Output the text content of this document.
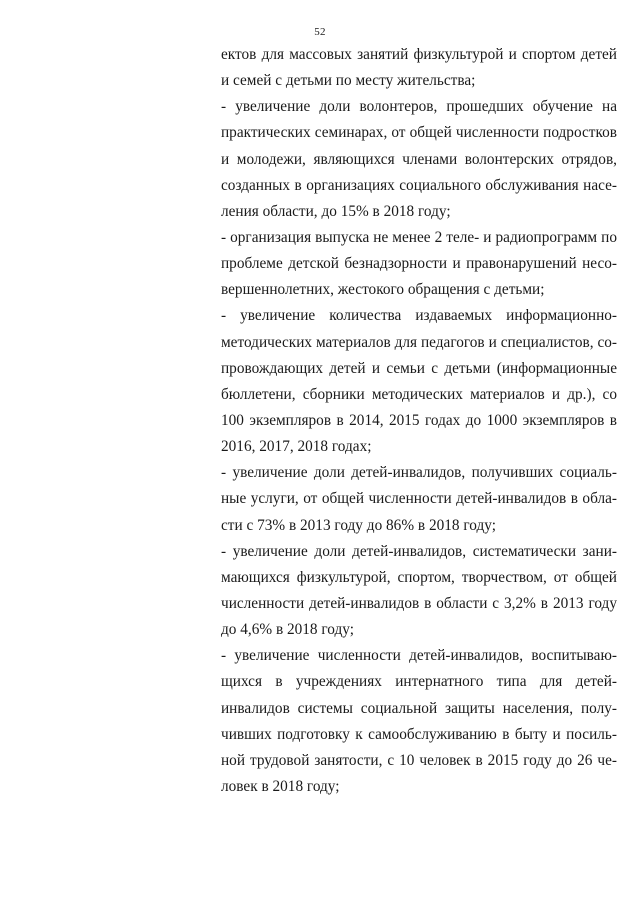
52
ектов для массовых занятий физкультурой и спортом детей
и семей с детьми по месту жительства;
- увеличение доли волонтеров, прошедших обучение на
практических семинарах, от общей численности подростков
и молодежи, являющихся членами волонтерских отрядов,
созданных в организациях социального обслуживания насе-
ления области, до 15% в 2018 году;
- организация выпуска не менее 2 теле- и радиопрограмм по
проблеме детской безнадзорности и правонарушений несо-
вершеннолетних, жестокого обращения с детьми;
- увеличение количества издаваемых информационно-
методических материалов для педагогов и специалистов, со-
провождающих детей и семьи с детьми (информационные
бюллетени, сборники методических материалов и др.), со
100 экземпляров в 2014, 2015 годах до 1000 экземпляров в
2016, 2017, 2018 годах;
- увеличение доли детей-инвалидов, получивших социаль-
ные услуги, от общей численности детей-инвалидов в обла-
сти с 73% в 2013 году до 86% в 2018 году;
- увеличение доли детей-инвалидов, систематически зани-
мающихся физкультурой, спортом, творчеством, от общей
численности детей-инвалидов в области с 3,2% в 2013 году
до 4,6% в 2018 году;
- увеличение численности детей-инвалидов, воспитываю-
щихся в учреждениях интернатного типа для детей-
инвалидов системы социальной защиты населения, полу-
чивших подготовку к самообслуживанию в быту и посиль-
ной трудовой занятости, с 10 человек в 2015 году до 26 че-
ловек в 2018 году;
